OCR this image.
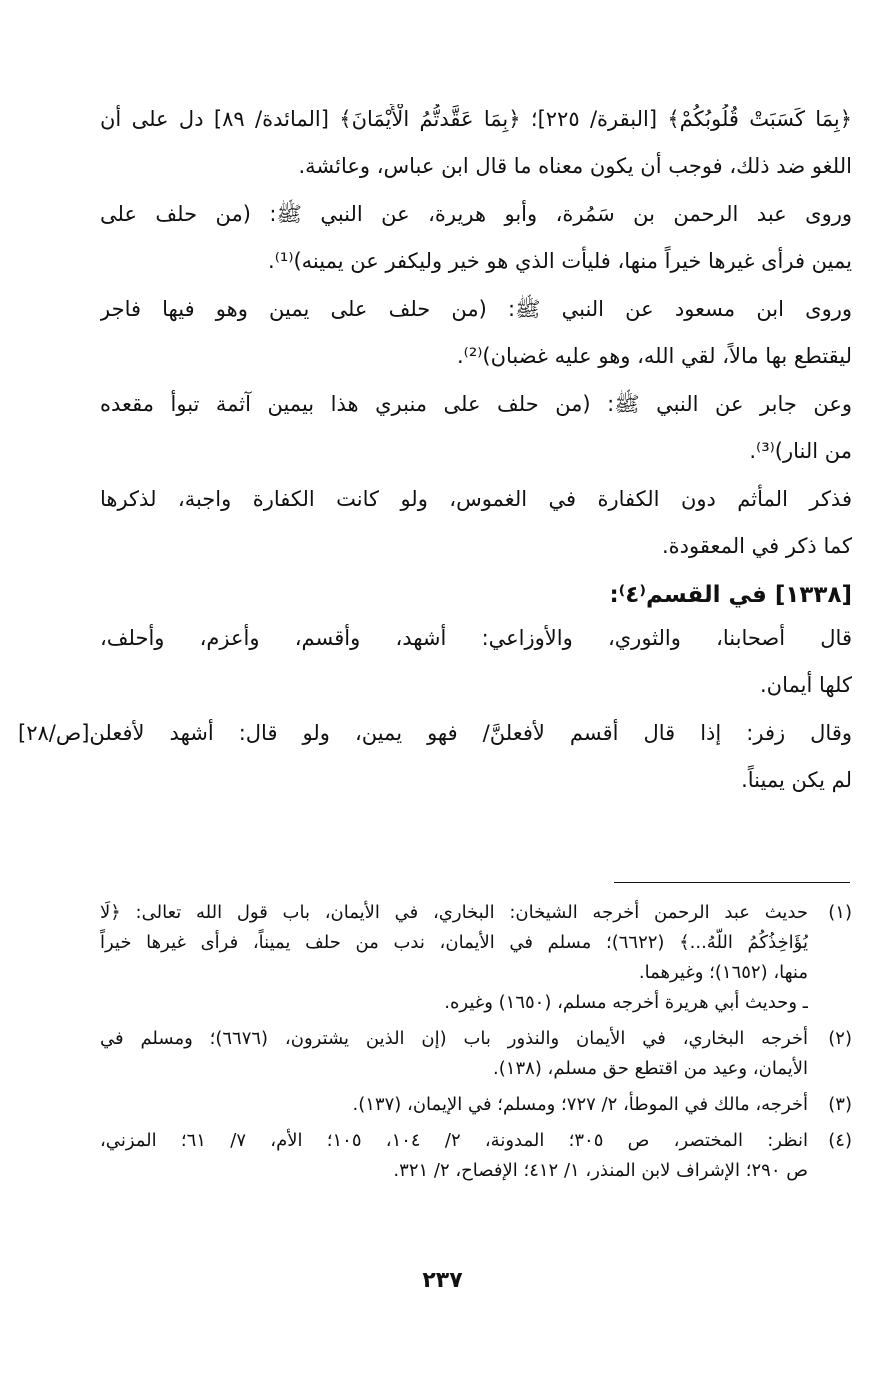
﴿بِمَا كَسَبَتْ قُلُوبُكُمْ﴾ [البقرة/ ٢٢٥]؛ ﴿بِمَا عَقَّدتُّمُ الْأَيْمَانَ﴾ [المائدة/ ٨٩] دل على أن
اللغو ضد ذلك، فوجب أن يكون معناه ما قال ابن عباس، وعائشة.
وروى عبد الرحمن بن سَمُرة، وأبو هريرة، عن النبي ﷺ: (من حلف على
يمين فرأى غيرها خيراً منها، فليأت الذي هو خير وليكفر عن يمينه)⁽¹⁾.
وروى ابن مسعود عن النبي ﷺ: (من حلف على يمين وهو فيها فاجر
ليقتطع بها مالاً، لقي الله، وهو عليه غضبان)⁽²⁾.
وعن جابر عن النبي ﷺ: (من حلف على منبري هذا بيمين آثمة تبوأ مقعده
من النار)⁽³⁾.
فذكر المأثم دون الكفارة في الغموس، ولو كانت الكفارة واجبة، لذكرها
كما ذكر في المعقودة.
[١٣٣٨] في القسم⁽٤⁾:
قال أصحابنا، والثوري، والأوزاعي: أشهد، وأقسم، وأعزم، وأحلف،
كلها أيمان.
وقال زفر: إذا قال أقسم لأفعلنَّ/ فهو يمين، ولو قال: أشهد لأفعلن[ص/٢٨]
لم يكن يميناً.
(١)
حديث عبد الرحمن أخرجه الشيخان: البخاري، في الأيمان، باب قول الله تعالى: ﴿لَا
يُؤَاخِذُكُمُ اللَّهُ...﴾ (٦٦٢٢)؛ مسلم في الأيمان، ندب من حلف يميناً، فرأى غيرها خيراً
منها، (١٦٥٢)؛ وغيرهما.
ـ وحديث أبي هريرة أخرجه مسلم، (١٦٥٠) وغيره.
(٢)
أخرجه البخاري، في الأيمان والنذور باب (إن الذين يشترون، (٦٦٧٦)؛ ومسلم في
الأيمان، وعيد من اقتطع حق مسلم، (١٣٨).
(٣)
أخرجه، مالك في الموطأ، ٢/ ٧٢٧؛ ومسلم؛ في الإيمان، (١٣٧).
(٤)
انظر: المختصر، ص ٣٠٥؛ المدونة، ٢/ ١٠٤، ١٠٥؛ الأم، ٧/ ٦١؛ المزني،
ص ٢٩٠؛ الإشراف لابن المنذر، ١/ ٤١٢؛ الإفصاح، ٢/ ٣٢١.
٢٣٧
